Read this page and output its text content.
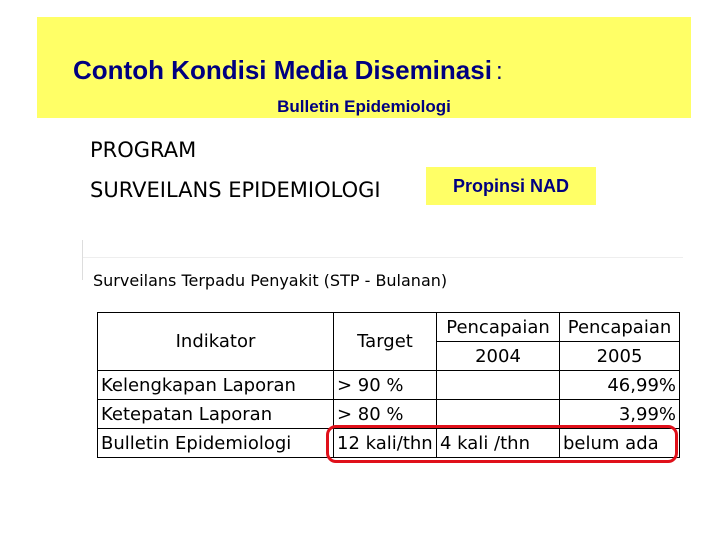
Contoh Kondisi Media Diseminasi :
Bulletin Epidemiologi
PROGRAM
SURVEILANS EPIDEMIOLOGI	Propinsi NAD
Surveilans Terpadu Penyakit (STP - Bulanan)
Indikator	Target	Pencapaian	Pencapaian
		2004	2005
Kelengkapan Laporan	> 90 %		46,99%
Ketepatan Laporan	> 80 %		3,99%
Bulletin Epidemiologi	12 kali/thn	4 kali /thn	belum ada
